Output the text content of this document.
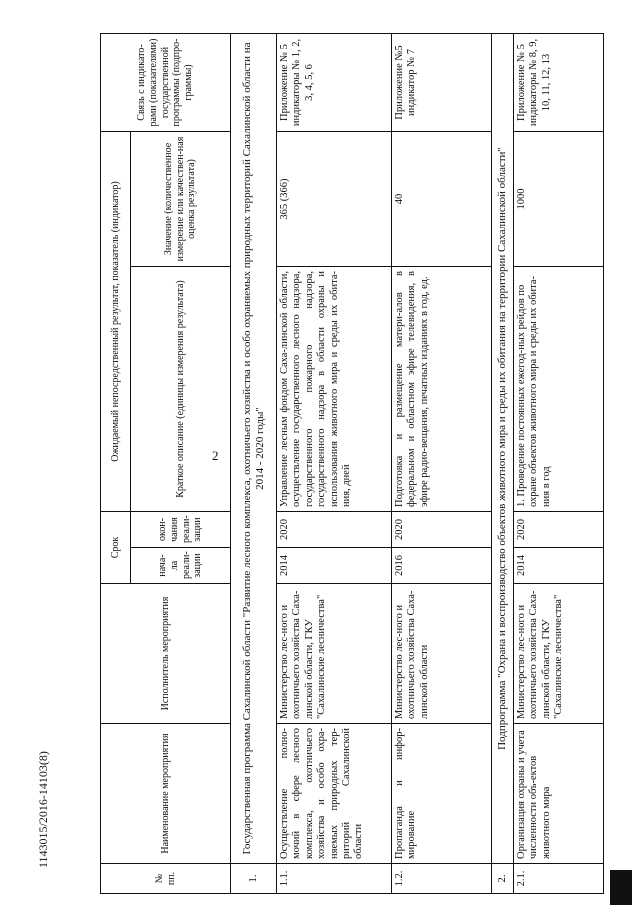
2
№ пп.	Наименование мероприятия	Исполнитель мероприятия	Срок		Ожидаемый непосредственный результат, показатель (индикатор)		Связь с индикато-рами (показателями) государственной программы (подпро-граммы)
			нача-ла реали-зации	окон-чания реали-зации	Краткое описание (единицы измерения результата)	Значение (количественное измерение или качествен-ная оценка результата)	

1.	Государственная программа Сахалинской области "Развитие лесного комплекса, охотничьего хозяйства и особо охраняемых природных территорий Сахалинской области на 2014 - 2020 годы"						
1.1.	Осуществление полно-мочий в сфере лесного комплекса, охотничьего хозяйства и особо охра-няемых природных тер-риторий Сахалинской области	Министерство лес-ного и охотничьего хозяйства Саха-линской области, ГКУ "Сахалинские лесничества"	2014	2020	Управление лесным фондом Саха-линской области, осуществление государственного лесного надзора, государственного пожарного надзора, государственного надзора в области охраны и использования животного мира и среды их обита-ния, дней	365 (366)	Приложение № 5 индикаторы № 1, 2, 3, 4, 5, 6
1.2.	Пропаганда и инфор-мирование	Министерство лес-ного и охотничьего хозяйства Саха-линской области	2016	2020	Подготовка и размещение матери-алов в федеральном и областном эфире телевидения, в эфире радио-вещания, печатных изданиях в год, ед.	40	Приложение №5 индикатор № 7
2.	Подпрограмма "Охрана и воспроизводство объектов животного мира и среды их обитания на территории Сахалинской области"						
2.1.	Организация охраны и учета численности объ-ектов животного мира	Министерство лес-ного и охотничьего хозяйства Саха-линской области, ГКУ "Сахалинские лесничества"	2014	2020	1. Проведение постоянных ежегод-ных рейдов по охране объектов животного мира и среды их обита-ния в год	1000	Приложение № 5 индикаторы № 8, 9, 10, 11, 12, 13
1143015/2016-14103(8)
